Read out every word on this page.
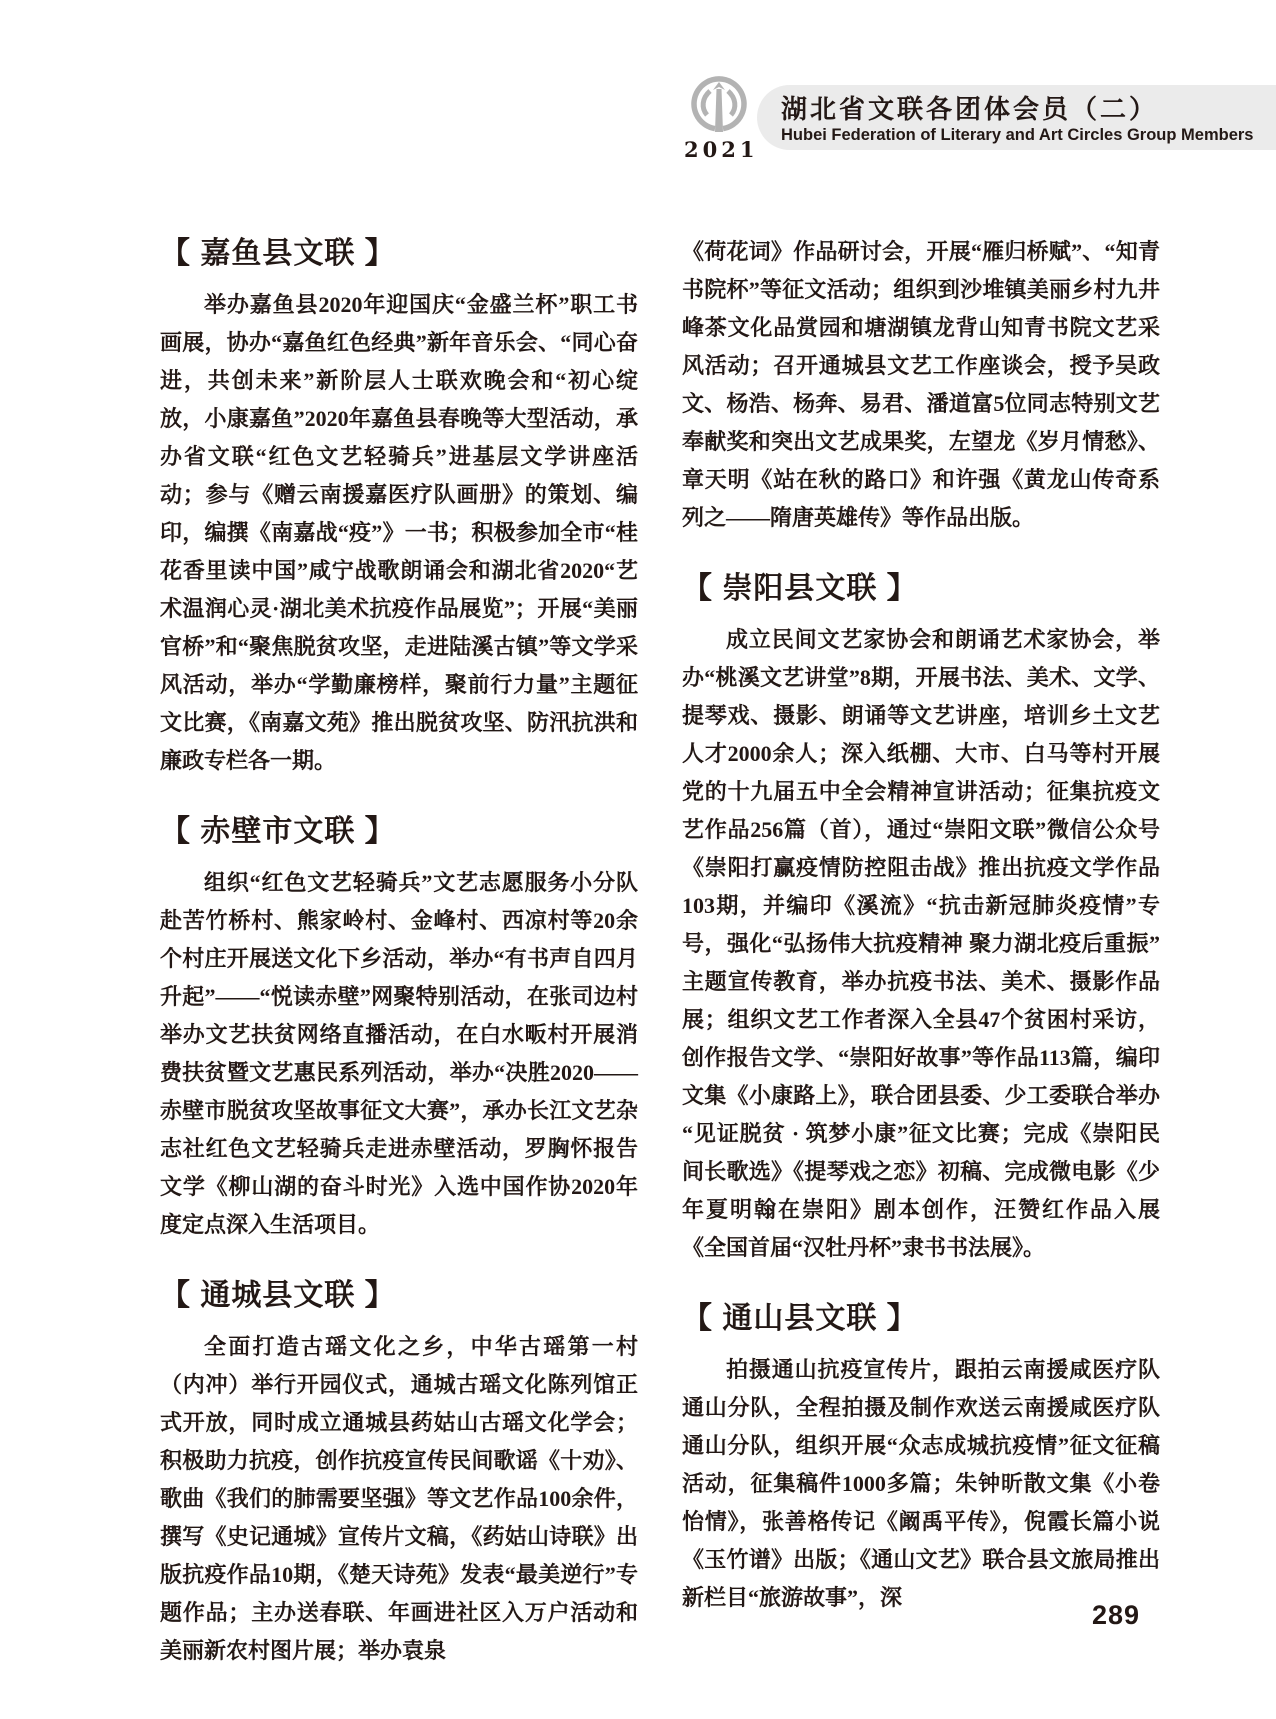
2021
湖北省文联各团体会员（二）
Hubei Federation of Literary and Art Circles Group Members
【 嘉鱼县文联 】

举办嘉鱼县2020年迎国庆“金盛兰杯”职工书画展，协办“嘉鱼红色经典”新年音乐会、“同心奋进，共创未来”新阶层人士联欢晚会和“初心绽放，小康嘉鱼”2020年嘉鱼县春晚等大型活动，承办省文联“红色文艺轻骑兵”进基层文学讲座活动；参与《赠云南援嘉医疗队画册》的策划、编印，编撰《南嘉战“疫”》一书；积极参加全市“桂花香里读中国”咸宁战歌朗诵会和湖北省2020“艺术温润心灵·湖北美术抗疫作品展览”；开展“美丽官桥”和“聚焦脱贫攻坚，走进陆溪古镇”等文学采风活动，举办“学勤廉榜样，聚前行力量”主题征文比赛，《南嘉文苑》推出脱贫攻坚、防汛抗洪和廉政专栏各一期。

【 赤壁市文联 】

组织“红色文艺轻骑兵”文艺志愿服务小分队赴苦竹桥村、熊家岭村、金峰村、西凉村等20余个村庄开展送文化下乡活动，举办“有书声自四月升起”——“悦读赤壁”网聚特别活动，在张司边村举办文艺扶贫网络直播活动，在白水畈村开展消费扶贫暨文艺惠民系列活动，举办“决胜2020——赤壁市脱贫攻坚故事征文大赛”，承办长江文艺杂志社红色文艺轻骑兵走进赤壁活动，罗胸怀报告文学《柳山湖的奋斗时光》入选中国作协2020年度定点深入生活项目。

【 通城县文联 】

全面打造古瑶文化之乡，中华古瑶第一村（内冲）举行开园仪式，通城古瑶文化陈列馆正式开放，同时成立通城县药姑山古瑶文化学会；积极助力抗疫，创作抗疫宣传民间歌谣《十劝》、歌曲《我们的肺需要坚强》等文艺作品100余件，撰写《史记通城》宣传片文稿，《药姑山诗联》出版抗疫作品10期，《楚天诗苑》发表“最美逆行”专题作品；主办送春联、年画进社区入万户活动和美丽新农村图片展；举办袁泉

《荷花词》作品研讨会，开展“雁归桥赋”、“知青书院杯”等征文活动；组织到沙堆镇美丽乡村九井峰茶文化品赏园和塘湖镇龙背山知青书院文艺采风活动；召开通城县文艺工作座谈会，授予吴政文、杨浩、杨奔、易君、潘道富5位同志特别文艺奉献奖和突出文艺成果奖，左望龙《岁月情愁》、章天明《站在秋的路口》和许强《黄龙山传奇系列之——隋唐英雄传》等作品出版。

【 崇阳县文联 】

成立民间文艺家协会和朗诵艺术家协会，举办“桃溪文艺讲堂”8期，开展书法、美术、文学、提琴戏、摄影、朗诵等文艺讲座，培训乡土文艺人才2000余人；深入纸棚、大市、白马等村开展党的十九届五中全会精神宣讲活动；征集抗疫文艺作品256篇（首），通过“崇阳文联”微信公众号《崇阳打赢疫情防控阻击战》推出抗疫文学作品103期，并编印《溪流》“抗击新冠肺炎疫情”专号，强化“弘扬伟大抗疫精神 聚力湖北疫后重振”主题宣传教育，举办抗疫书法、美术、摄影作品展；组织文艺工作者深入全县47个贫困村采访，创作报告文学、“崇阳好故事”等作品113篇，编印文集《小康路上》，联合团县委、少工委联合举办“见证脱贫 · 筑梦小康”征文比赛；完成《崇阳民间长歌选》《提琴戏之恋》初稿、完成微电影《少年夏明翰在崇阳》剧本创作，汪赞红作品入展《全国首届“汉牡丹杯”隶书书法展》。

【 通山县文联 】

拍摄通山抗疫宣传片，跟拍云南援咸医疗队通山分队，全程拍摄及制作欢送云南援咸医疗队通山分队，组织开展“众志成城抗疫情”征文征稿活动，征集稿件1000多篇；朱钟昕散文集《小卷怡情》，张善格传记《阚禹平传》，倪霞长篇小说《玉竹谱》出版；《通山文艺》联合县文旅局推出新栏目“旅游故事”，深

289
